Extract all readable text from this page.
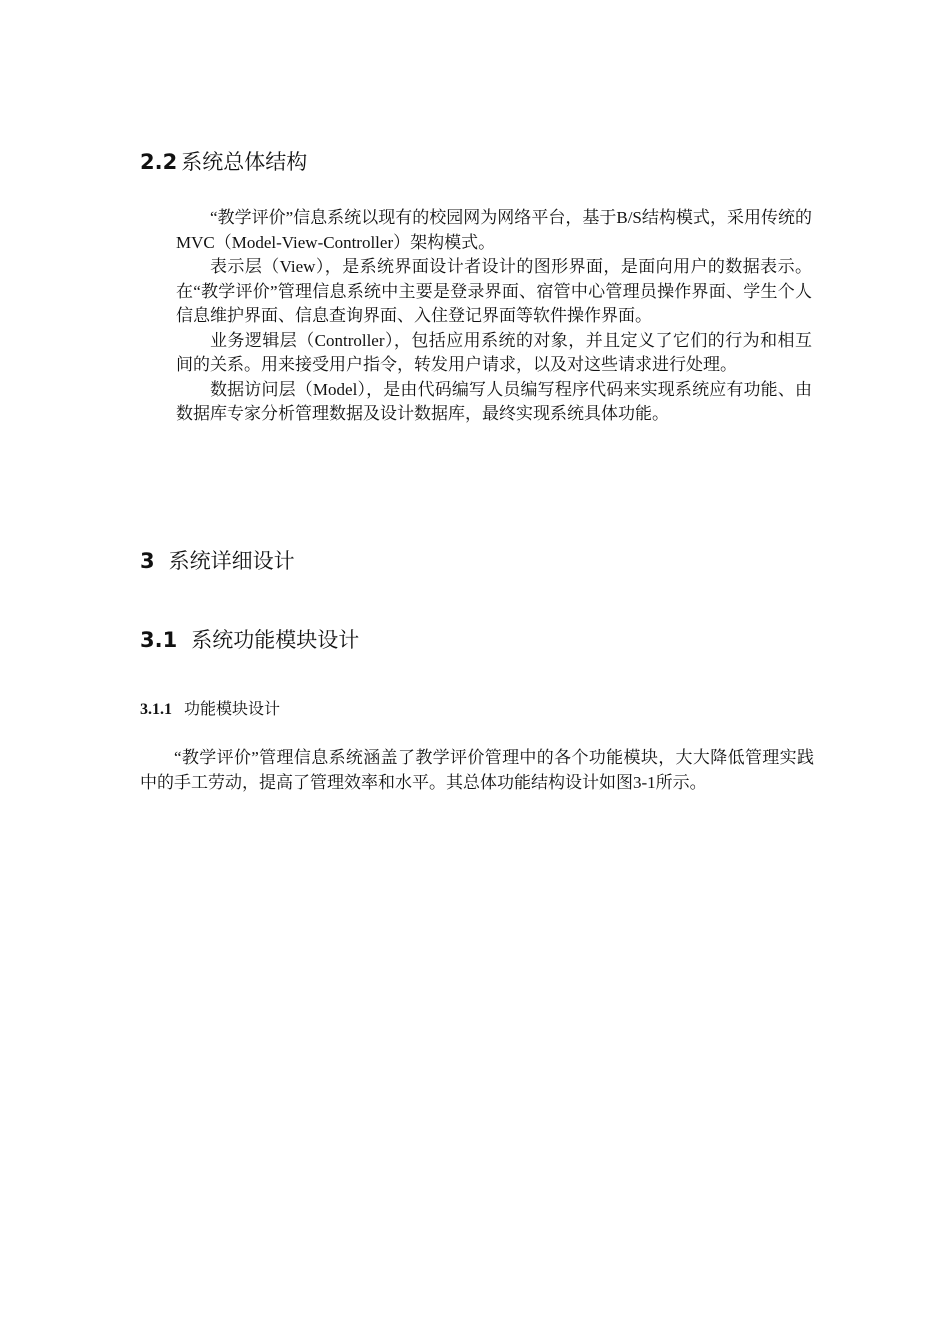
2.2 系统总体结构

“教学评价”信息系统以现有的校园网为网络平台，基于B/S结构模式，采用传统的MVC（Model-View-Controller）架构模式。

表示层（View），是系统界面设计者设计的图形界面，是面向用户的数据表示。在“教学评价”管理信息系统中主要是登录界面、宿管中心管理员操作界面、学生个人信息维护界面、信息查询界面、入住登记界面等软件操作界面。

业务逻辑层（Controller），包括应用系统的对象，并且定义了它们的行为和相互间的关系。用来接受用户指令，转发用户请求，以及对这些请求进行处理。

数据访问层（Model），是由代码编写人员编写程序代码来实现系统应有功能、由数据库专家分析管理数据及设计数据库，最终实现系统具体功能。

3 系统详细设计
3.1 系统功能模块设计
3.1.1 功能模块设计

“教学评价”管理信息系统涵盖了教学评价管理中的各个功能模块，大大降低管理实践中的手工劳动，提高了管理效率和水平。其总体功能结构设计如图3-1所示。
